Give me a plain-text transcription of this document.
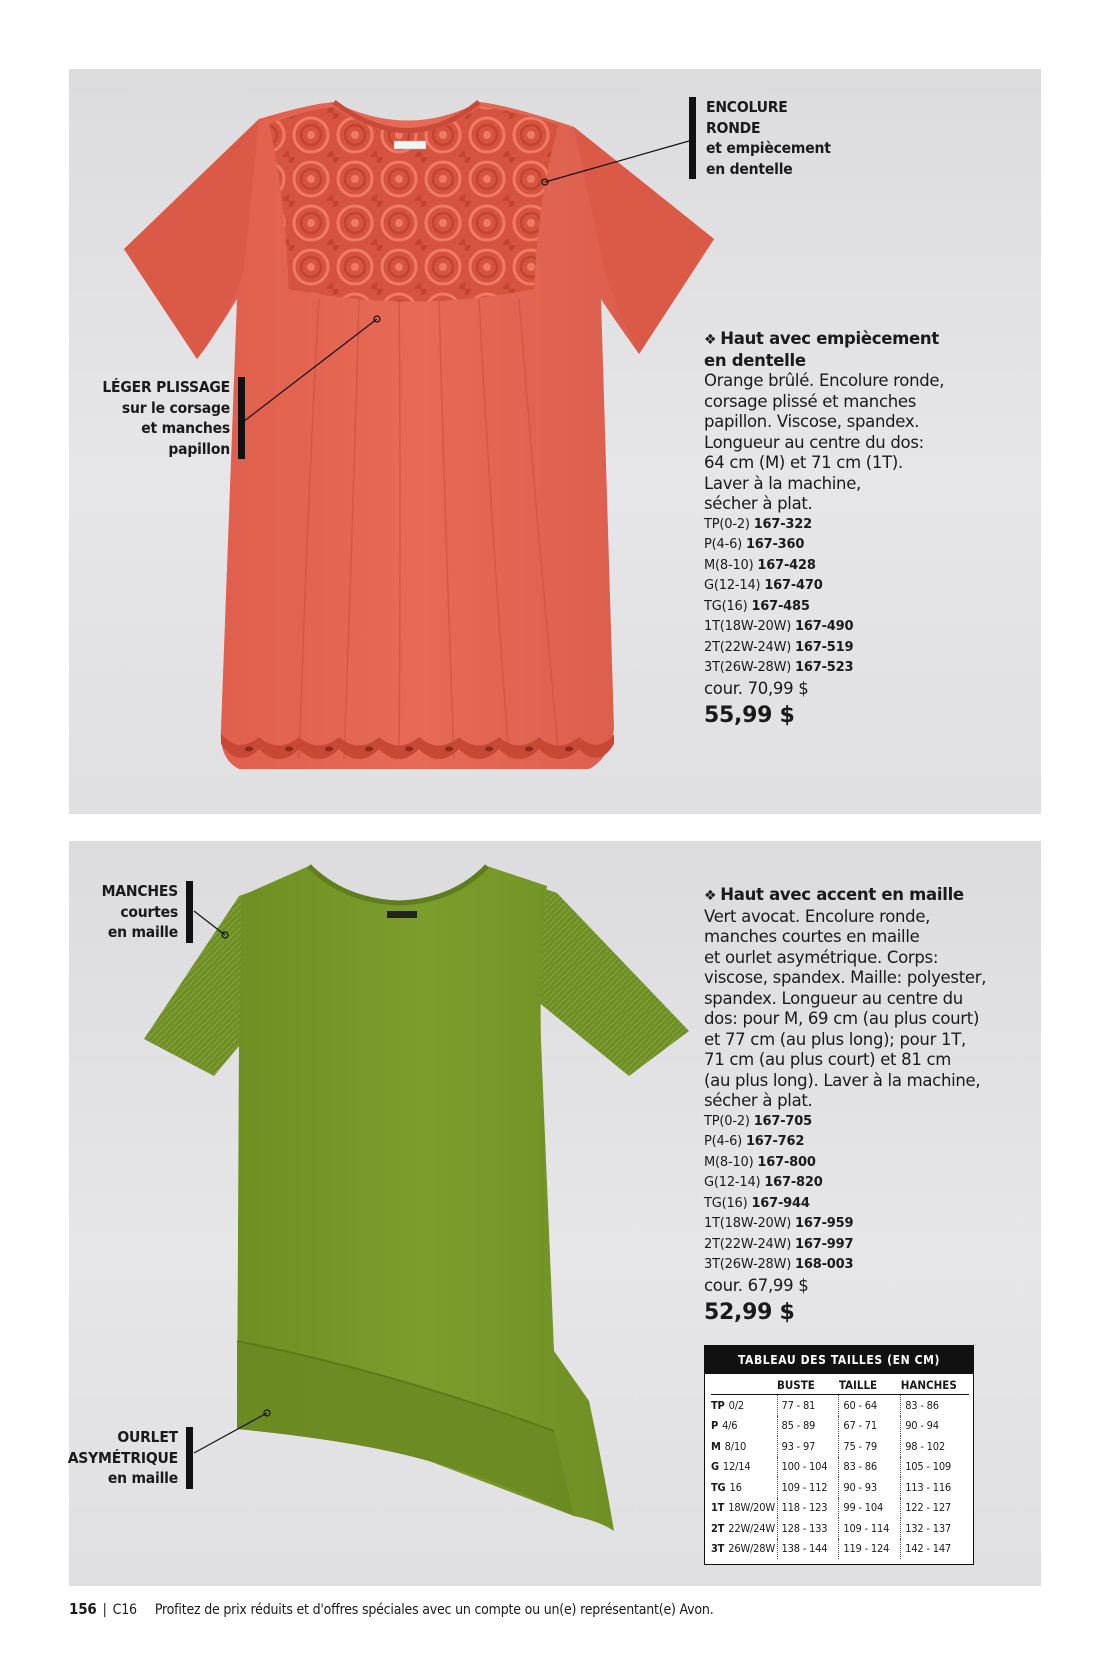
ENCOLURE
RONDE
et empiècement
en dentelle
LÉGER PLISSAGE
sur le corsage
et manches
papillon
❖ Haut avec empiècement
en dentelle
Orange brûlé. Encolure ronde,
corsage plissé et manches
papillon. Viscose, spandex.
Longueur au centre du dos:
64 cm (M) et 71 cm (1T).
Laver à la machine,
sécher à plat.
TP(0-2) 167-322
P(4-6) 167-360
M(8-10) 167-428
G(12-14) 167-470
TG(16) 167-485
1T(18W-20W) 167-490
2T(22W-24W) 167-519
3T(26W-28W) 167-523
cour. 70,99 $
55,99 $
MANCHES
courtes
en maille
OURLET
ASYMÉTRIQUE
en maille
❖ Haut avec accent en maille
Vert avocat. Encolure ronde,
manches courtes en maille
et ourlet asymétrique. Corps:
viscose, spandex. Maille: polyester,
spandex. Longueur au centre du
dos: pour M, 69 cm (au plus court)
et 77 cm (au plus long); pour 1T,
71 cm (au plus court) et 81 cm
(au plus long). Laver à la machine,
sécher à plat.
TP(0-2) 167-705
P(4-6) 167-762
M(8-10) 167-800
G(12-14) 167-820
TG(16) 167-944
1T(18W-20W) 167-959
2T(22W-24W) 167-997
3T(26W-28W) 168-003
cour. 67,99 $
52,99 $
TABLEAU DES TAILLES (EN CM)
	BUSTE	TAILLE	HANCHES
TP 0/2	77 - 81	60 - 64	83 - 86
P 4/6	85 - 89	67 - 71	90 - 94
M 8/10	93 - 97	75 - 79	98 - 102
G 12/14	100 - 104	83 - 86	105 - 109
TG 16	109 - 112	90 - 93	113 - 116
1T 18W/20W	118 - 123	99 - 104	122 - 127
2T 22W/24W	128 - 133	109 - 114	132 - 137
3T 26W/28W	138 - 144	119 - 124	142 - 147
156 | C16 Profitez de prix réduits et d'offres spéciales avec un compte ou un(e) représentant(e) Avon.
